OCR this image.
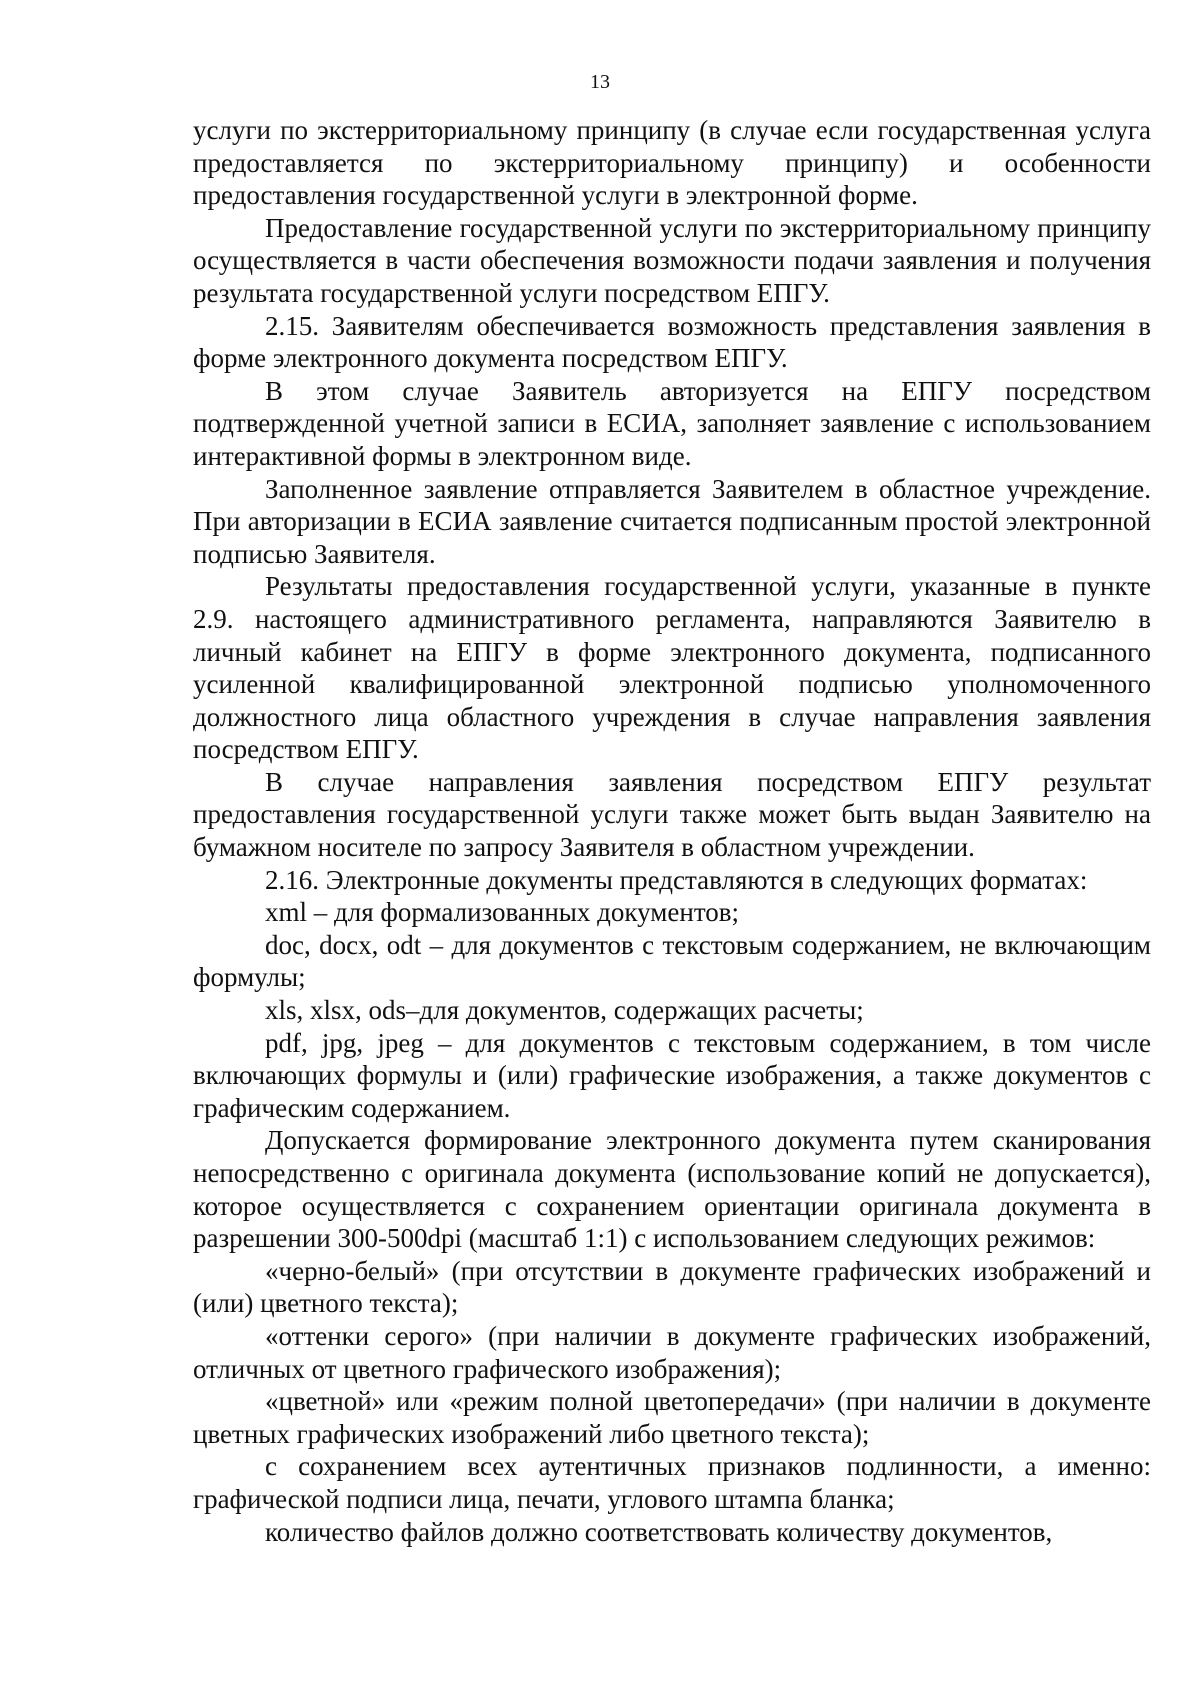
13

услуги по экстерриториальному принципу (в случае если государственная услуга предоставляется по экстерриториальному принципу) и особенности предоставления государственной услуги в электронной форме.

Предоставление государственной услуги по экстерриториальному принципу осуществляется в части обеспечения возможности подачи заявления и получения результата государственной услуги посредством ЕПГУ.

2.15. Заявителям обеспечивается возможность представления заявления в форме электронного документа посредством ЕПГУ.

В этом случае Заявитель авторизуется на ЕПГУ посредством подтвержденной учетной записи в ЕСИА, заполняет заявление с использованием интерактивной формы в электронном виде.

Заполненное заявление отправляется Заявителем в областное учреждение. При авторизации в ЕСИА заявление считается подписанным простой электронной подписью Заявителя.

Результаты предоставления государственной услуги, указанные в пункте 2.9. настоящего административного регламента, направляются Заявителю в личный кабинет на ЕПГУ в форме электронного документа, подписанного усиленной квалифицированной электронной подписью уполномоченного должностного лица областного учреждения в случае направления заявления посредством ЕПГУ.

В случае направления заявления посредством ЕПГУ результат предоставления государственной услуги также может быть выдан Заявителю на бумажном носителе по запросу Заявителя в областном учреждении.

2.16. Электронные документы представляются в следующих форматах:

xml – для формализованных документов;

doc, docx, odt – для документов с текстовым содержанием, не включающим формулы;

xls, xlsx, ods–для документов, содержащих расчеты;

pdf, jpg, jpeg – для документов с текстовым содержанием, в том числе включающих формулы и (или) графические изображения, а также документов с графическим содержанием.

Допускается формирование электронного документа путем сканирования непосредственно с оригинала документа (использование копий не допускается), которое осуществляется с сохранением ориентации оригинала документа в разрешении 300-500dpi (масштаб 1:1) с использованием следующих режимов:

«черно-белый» (при отсутствии в документе графических изображений и (или) цветного текста);

«оттенки серого» (при наличии в документе графических изображений, отличных от цветного графического изображения);

«цветной» или «режим полной цветопередачи» (при наличии в документе цветных графических изображений либо цветного текста);

с сохранением всех аутентичных признаков подлинности, а именно: графической подписи лица, печати, углового штампа бланка;

количество файлов должно соответствовать количеству документов,
